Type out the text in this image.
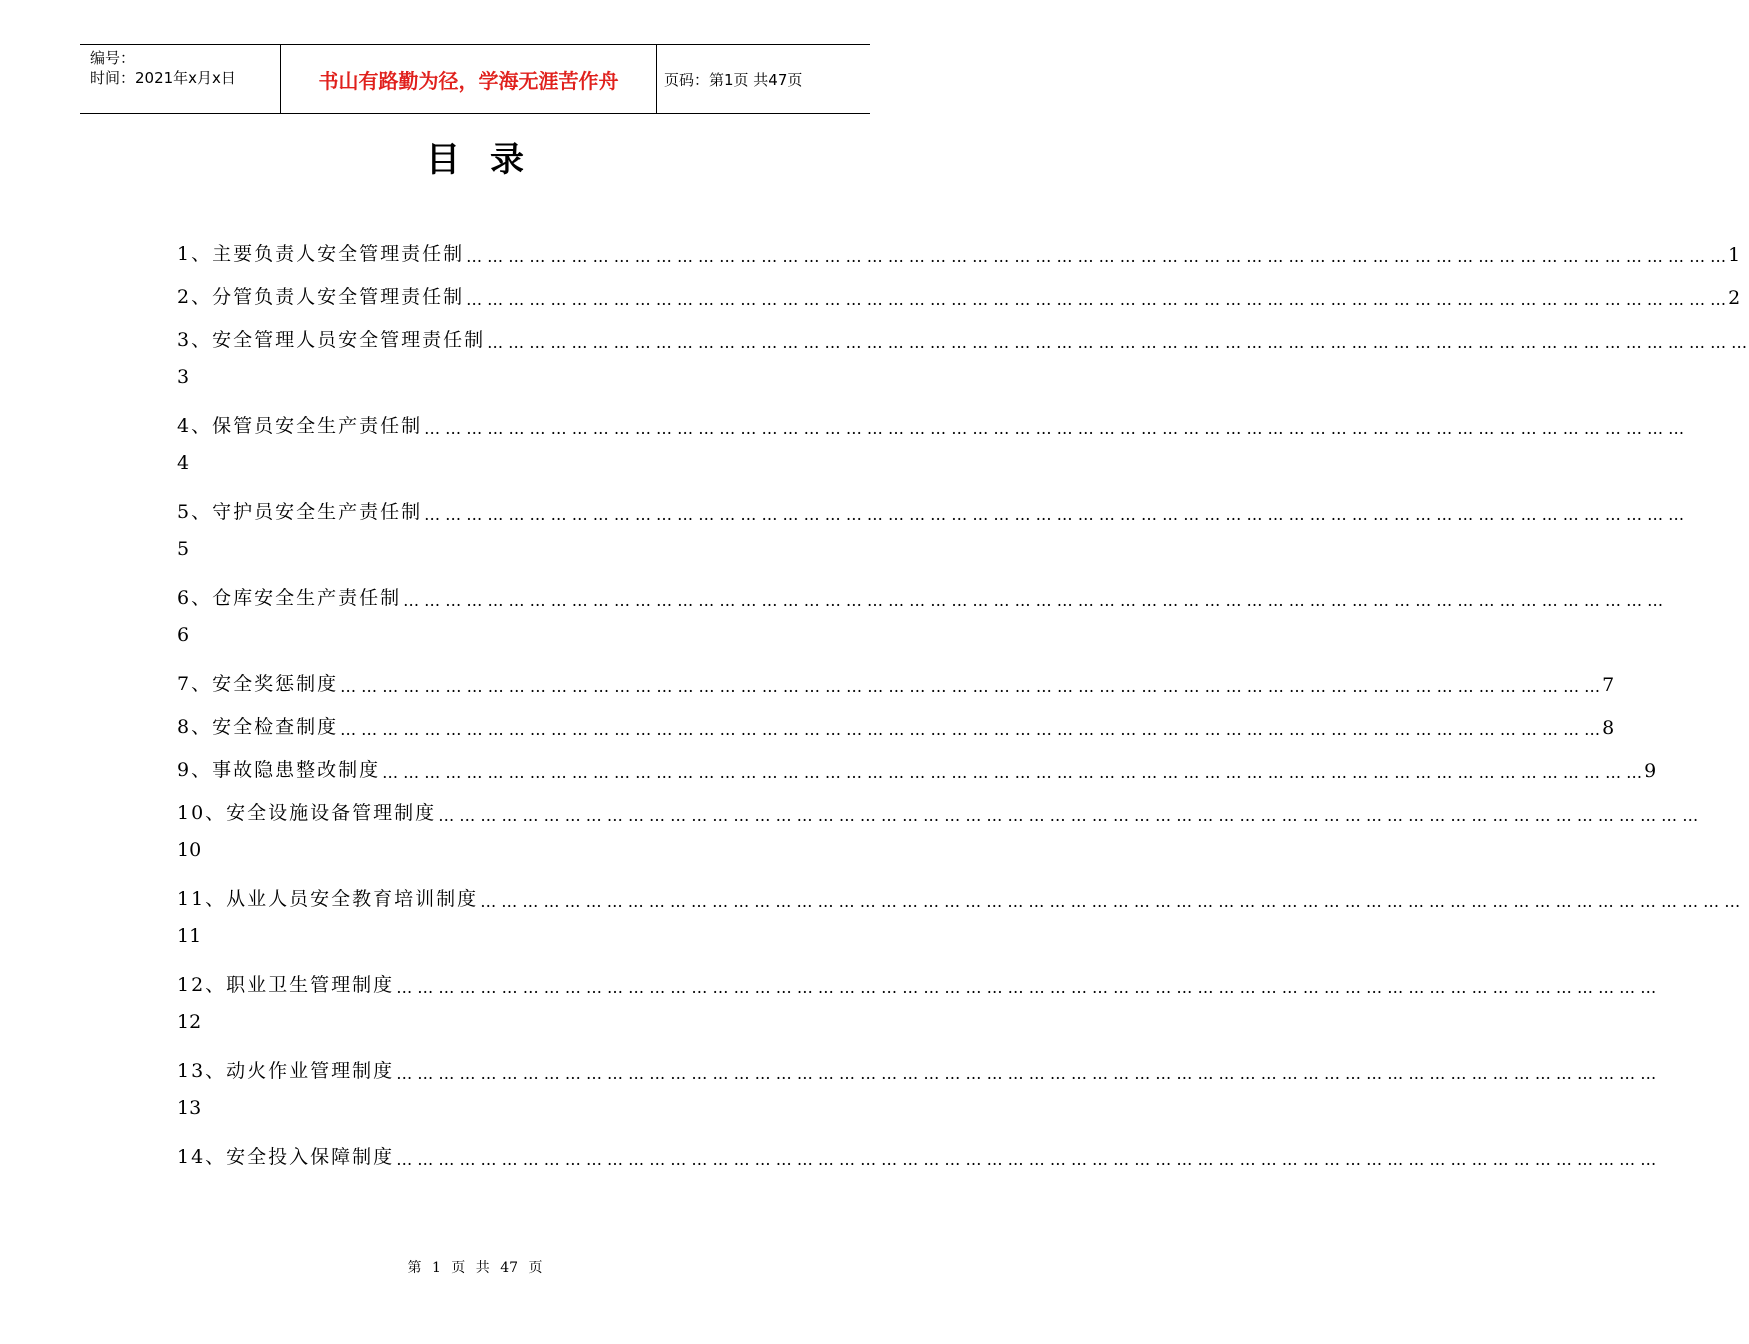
编号：
时间：2021年x月x日	书山有路勤为径，学海无涯苦作舟	页码：第1页 共47页
目录
1、主要负责人安全管理责任制 … … … … … … … … … … … … … … … … … … … … … … … … … … … … … … … … … … … … … … … … … … … … … … … … … … … … … … … … … … … … 1
2、分管负责人安全管理责任制 … … … … … … … … … … … … … … … … … … … … … … … … … … … … … … … … … … … … … … … … … … … … … … … … … … … … … … … … … … … … 2
3、安全管理人员安全管理责任制 … … … … … … … … … … … … … … … … … … … … … … … … … … … … … … … … … … … … … … … … … … … … … … … … … … … … … … … … … … … …
3
4、保管员安全生产责任制 … … … … … … … … … … … … … … … … … … … … … … … … … … … … … … … … … … … … … … … … … … … … … … … … … … … … … … … … … … … …
4
5、守护员安全生产责任制 … … … … … … … … … … … … … … … … … … … … … … … … … … … … … … … … … … … … … … … … … … … … … … … … … … … … … … … … … … … …
5
6、仓库安全生产责任制 … … … … … … … … … … … … … … … … … … … … … … … … … … … … … … … … … … … … … … … … … … … … … … … … … … … … … … … … … … … …
6
7、安全奖惩制度 … … … … … … … … … … … … … … … … … … … … … … … … … … … … … … … … … … … … … … … … … … … … … … … … … … … … … … … … … … … … 7
8、安全检查制度 … … … … … … … … … … … … … … … … … … … … … … … … … … … … … … … … … … … … … … … … … … … … … … … … … … … … … … … … … … … … 8
9、事故隐患整改制度 … … … … … … … … … … … … … … … … … … … … … … … … … … … … … … … … … … … … … … … … … … … … … … … … … … … … … … … … … … … … 9
10、安全设施设备管理制度 … … … … … … … … … … … … … … … … … … … … … … … … … … … … … … … … … … … … … … … … … … … … … … … … … … … … … … … … … … … …
10
11、从业人员安全教育培训制度 … … … … … … … … … … … … … … … … … … … … … … … … … … … … … … … … … … … … … … … … … … … … … … … … … … … … … … … … … … … …
11
12、职业卫生管理制度 … … … … … … … … … … … … … … … … … … … … … … … … … … … … … … … … … … … … … … … … … … … … … … … … … … … … … … … … … … … …
12
13、动火作业管理制度 … … … … … … … … … … … … … … … … … … … … … … … … … … … … … … … … … … … … … … … … … … … … … … … … … … … … … … … … … … … …
13
14、安全投入保障制度 … … … … … … … … … … … … … … … … … … … … … … … … … … … … … … … … … … … … … … … … … … … … … … … … … … … … … … … … … … … …
第 1 页 共 47 页
